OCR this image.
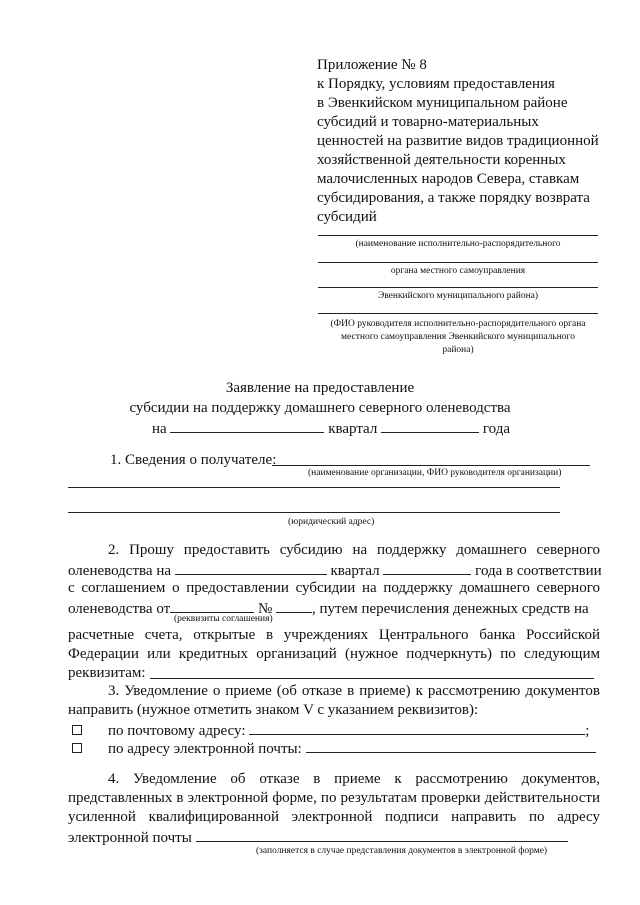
Приложение № 8
к Порядку, условиям предоставления
в Эвенкийском муниципальном районе
субсидий и товарно-материальных
ценностей на развитие видов традиционной
хозяйственной деятельности коренных
малочисленных народов Севера, ставкам
субсидирования, а также порядку возврата
субсидий
(наименование исполнительно-распорядительного
органа местного самоуправления
Эвенкийского муниципального района)
(ФИО руководителя исполнительно-распорядительного органа
местного самоуправления Эвенкийского муниципального
района)
Заявление на предоставление
субсидии на поддержку домашнего северного оленеводства
на	квартал	года
1. Сведения о получателе:
(наименование организации, ФИО руководителя организации)
(юридический адрес)
2. Прошу предоставить субсидию на поддержку домашнего северного
оленеводства на	квартал	года в соответствии
с соглашением о предоставлении субсидии на поддержку домашнего северного
оленеводства от	№	, путем перечисления денежных средств на
(реквизиты соглашения)
расчетные счета, открытые в учреждениях Центрального банка Российской
Федерации или кредитных организаций (нужное подчеркнуть) по следующим
реквизитам:
3. Уведомление о приеме (об отказе в приеме) к рассмотрению документов
направить (нужное отметить знаком V с указанием реквизитов):
по почтовому адресу:	;
по адресу электронной почты:
4. Уведомление об отказе в приеме к рассмотрению документов,
представленных в электронной форме, по результатам проверки действительности
усиленной квалифицированной электронной подписи направить по адресу
электронной почты
(заполняется в случае представления документов в электронной форме)
